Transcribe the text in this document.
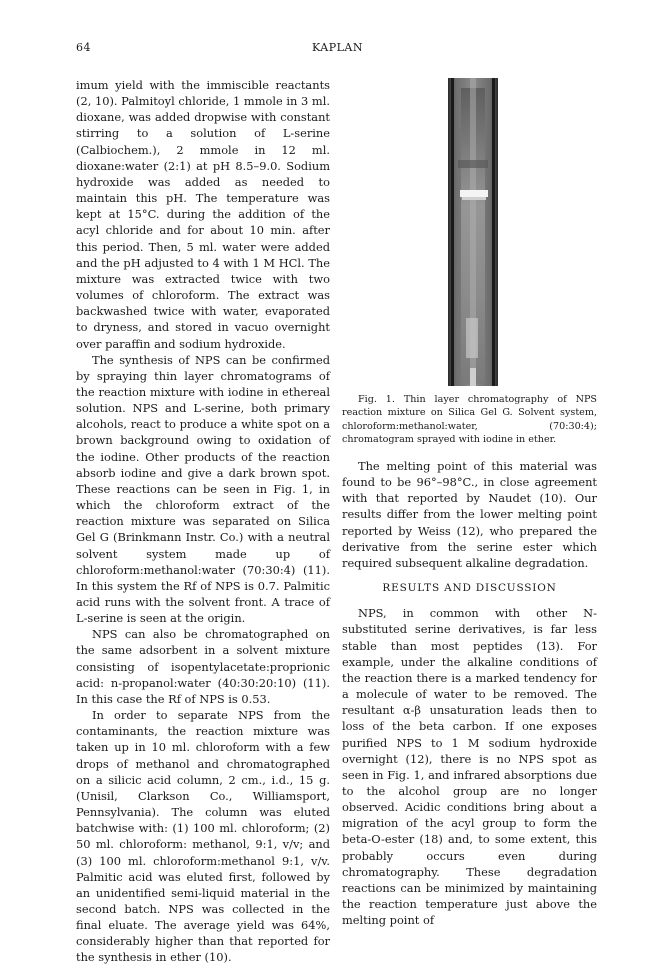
64	KAPLAN

imum yield with the immiscible reactants (2, 10). Palmitoyl chloride, 1 mmole in 3 ml. dioxane, was added dropwise with constant stirring to a solution of L-serine (Calbiochem.), 2 mmole in 12 ml. dioxane:water (2:1) at pH 8.5–9.0. Sodium hydroxide was added as needed to maintain this pH. The temperature was kept at 15°C. during the addition of the acyl chloride and for about 10 min. after this period. Then, 5 ml. water were added and the pH adjusted to 4 with 1 M HCl. The mixture was extracted twice with two volumes of chloroform. The extract was backwashed twice with water, evaporated to dryness, and stored in vacuo overnight over paraffin and sodium hydroxide.

The synthesis of NPS can be confirmed by spraying thin layer chromatograms of the reaction mixture with iodine in ethereal solution. NPS and L-serine, both primary alcohols, react to produce a white spot on a brown background owing to oxidation of the iodine. Other products of the reaction absorb iodine and give a dark brown spot. These reactions can be seen in Fig. 1, in which the chloroform extract of the reaction mixture was separated on Silica Gel G (Brinkmann Instr. Co.) with a neutral solvent system made up of chloroform:methanol:water (70:30:4) (11). In this system the Rf of NPS is 0.7. Palmitic acid runs with the solvent front. A trace of L-serine is seen at the origin.

NPS can also be chromatographed on the same adsorbent in a solvent mixture consisting of isopentylacetate:proprionic acid: n-propanol:water (40:30:20:10) (11). In this case the Rf of NPS is 0.53.

In order to separate NPS from the contaminants, the reaction mixture was taken up in 10 ml. chloroform with a few drops of methanol and chromatographed on a silicic acid column, 2 cm., i.d., 15 g. (Unisil, Clarkson Co., Williamsport, Pennsylvania). The column was eluted batchwise with: (1) 100 ml. chloroform; (2) 50 ml. chloroform: methanol, 9:1, v/v; and (3) 100 ml. chloroform:methanol 9:1, v/v. Palmitic acid was eluted first, followed by an unidentified semi-liquid material in the second batch. NPS was collected in the final eluate. The average yield was 64%, considerably higher than that reported for the synthesis in ether (10).

Fig. 1. Thin layer chromatography of NPS reaction mixture on Silica Gel G. Solvent system, chloroform:methanol:water, (70:30:4); chromatogram sprayed with iodine in ether.

The melting point of this material was found to be 96°–98°C., in close agreement with that reported by Naudet (10). Our results differ from the lower melting point reported by Weiss (12), who prepared the derivative from the serine ester which required subsequent alkaline degradation.

RESULTS AND DISCUSSION

NPS, in common with other N-substituted serine derivatives, is far less stable than most peptides (13). For example, under the alkaline conditions of the reaction there is a marked tendency for a molecule of water to be removed. The resultant α-β unsaturation leads then to loss of the beta carbon. If one exposes purified NPS to 1 M sodium hydroxide overnight (12), there is no NPS spot as seen in Fig. 1, and infrared absorptions due to the alcohol group are no longer observed. Acidic conditions bring about a migration of the acyl group to form the beta-O-ester (18) and, to some extent, this probably occurs even during chromatography. These degradation reactions can be minimized by maintaining the reaction temperature just above the melting point of
